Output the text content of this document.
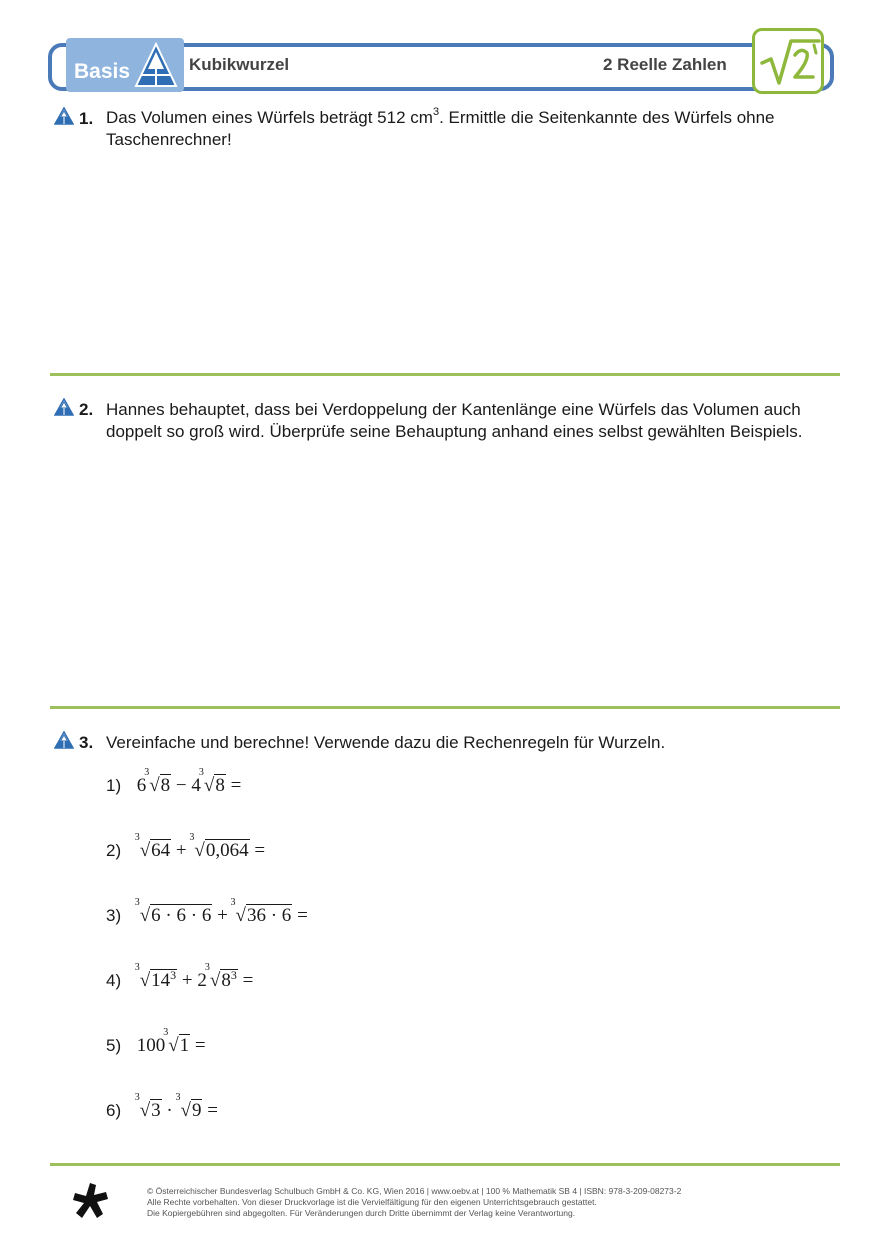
Basis	Kubikwurzel	2 Reelle Zahlen
1. Das Volumen eines Würfels beträgt 512 $cm^3$. Ermittle die Seitenkannte des Würfels ohne
Taschenrechner!
2. Hannes behauptet, dass bei Verdoppelung der Kantenlänge eine Würfels das Volumen auch
doppelt so groß wird. Überprüfe seine Behauptung anhand eines selbst gewählten Beispiels.
3. Vereinfache und berechne! Verwende dazu die Rechenregeln für Wurzeln.
1) 6
3
√8 − 4
3
√8 =
2)
3
√64 +
3
√0,064 =
3)
3
√6 · 6 · 6 +
3
√36 · 6 =
4)
3
$√14^3 + 2$
3
$√8^3$ =
5) 100
3
√1 =
6)
3
√3 ·
3
√9 =
© Österreichischer Bundesverlag Schulbuch GmbH & Co. KG, Wien 2016 | www.oebv.at | 100 % Mathematik SB 4 | ISBN: 978-3-209-08273-2
Alle Rechte vorbehalten. Von dieser Druckvorlage ist die Vervielfältigung für den eigenen Unterrichtsgebrauch gestattet.
Die Kopiergebühren sind abgegolten. Für Veränderungen durch Dritte übernimmt der Verlag keine Verantwortung.
